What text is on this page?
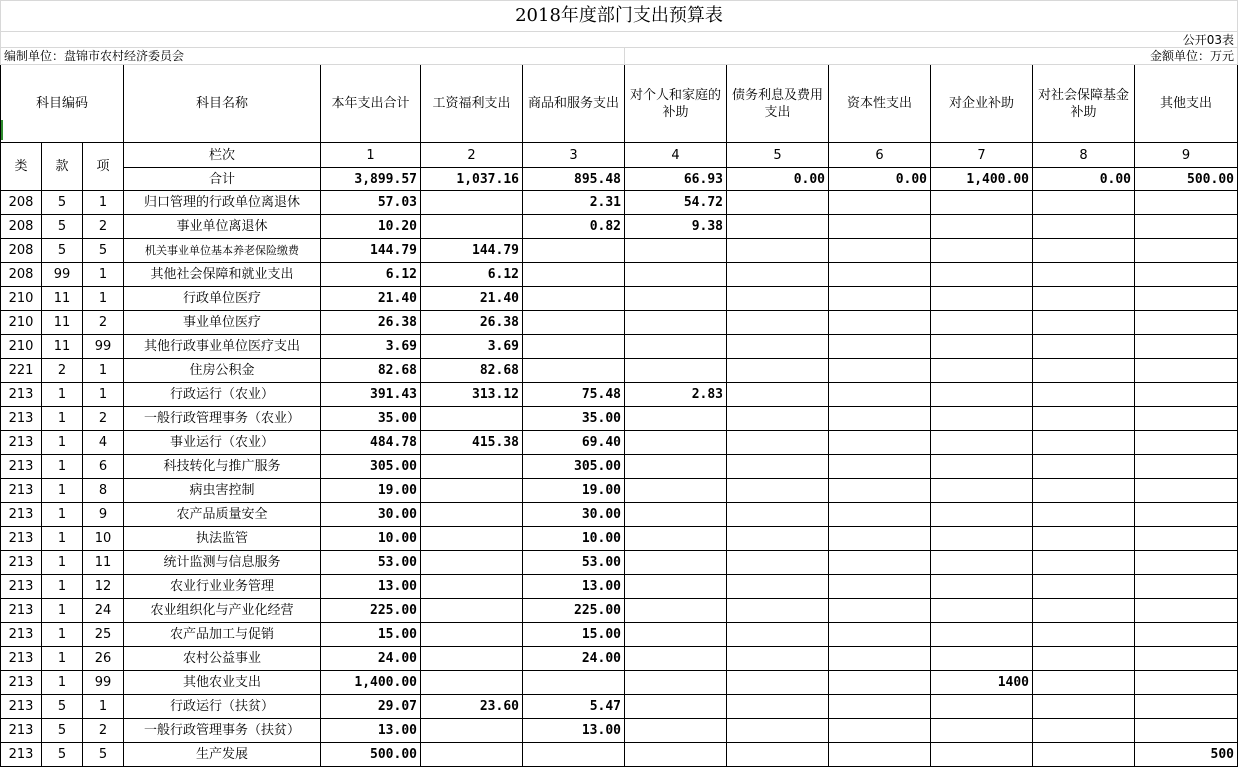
2018年度部门支出预算表												
公开03表												
编制单位：盘锦市农村经济委员会							金额单位：万元					
科目编码			科目名称	本年支出合计	工资福利支出	商品和服务支出	对个人和家庭的补助	债务利息及费用支出	资本性支出	对企业补助	对社会保障基金补助	其他支出
类	款	项	栏次	1	2	3	4	5	6	7	8	9
			合计	3,899.57	1,037.16	895.48	66.93	0.00	0.00	1,400.00	0.00	500.00
208	5	1	归口管理的行政单位离退休	57.03		2.31	54.72					
208	5	2	事业单位离退休	10.20		0.82	9.38					
208	5	5	机关事业单位基本养老保险缴费	144.79	144.79							
208	99	1	其他社会保障和就业支出	6.12	6.12							
210	11	1	行政单位医疗	21.40	21.40							
210	11	2	事业单位医疗	26.38	26.38							
210	11	99	其他行政事业单位医疗支出	3.69	3.69							
221	2	1	住房公积金	82.68	82.68							
213	1	1	行政运行（农业）	391.43	313.12	75.48	2.83					
213	1	2	一般行政管理事务（农业）	35.00		35.00						
213	1	4	事业运行（农业）	484.78	415.38	69.40						
213	1	6	科技转化与推广服务	305.00		305.00						
213	1	8	病虫害控制	19.00		19.00						
213	1	9	农产品质量安全	30.00		30.00						
213	1	10	执法监管	10.00		10.00						
213	1	11	统计监测与信息服务	53.00		53.00						
213	1	12	农业行业业务管理	13.00		13.00						
213	1	24	农业组织化与产业化经营	225.00		225.00						
213	1	25	农产品加工与促销	15.00		15.00						
213	1	26	农村公益事业	24.00		24.00						
213	1	99	其他农业支出	1,400.00						1400		
213	5	1	行政运行（扶贫）	29.07	23.60	5.47						
213	5	2	一般行政管理事务（扶贫）	13.00		13.00						
213	5	5	生产发展	500.00								500
